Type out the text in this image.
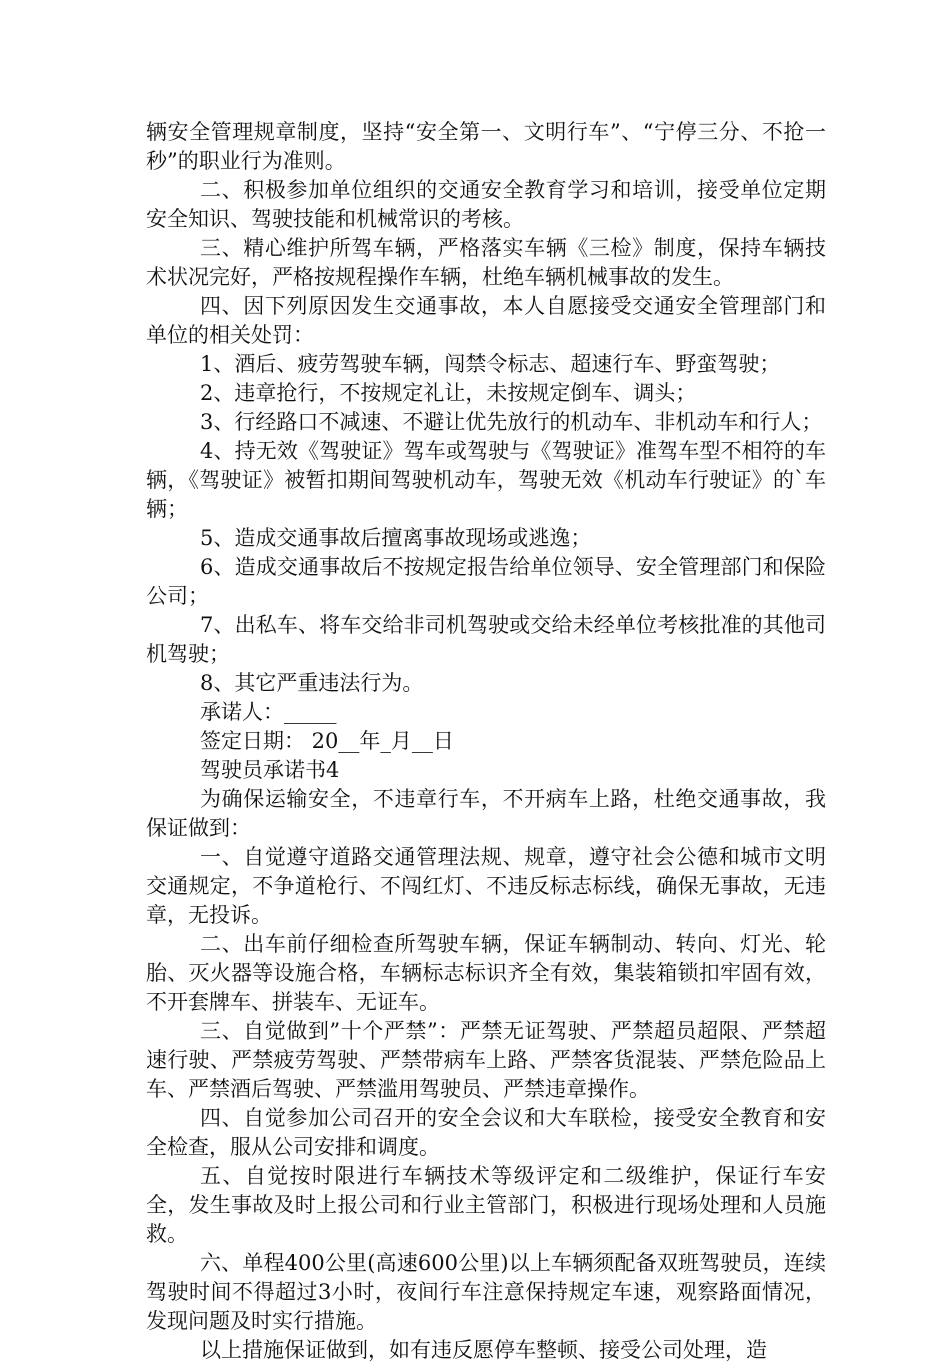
辆安全管理规章制度，坚持“安全第一、文明行车”、“宁停三分、不抢一秒”的职业行为准则。

二、积极参加单位组织的交通安全教育学习和培训，接受单位定期安全知识、驾驶技能和机械常识的考核。

三、精心维护所驾车辆，严格落实车辆《三检》制度，保持车辆技术状况完好，严格按规程操作车辆，杜绝车辆机械事故的发生。

四、因下列原因发生交通事故，本人自愿接受交通安全管理部门和单位的相关处罚：

1、酒后、疲劳驾驶车辆，闯禁令标志、超速行车、野蛮驾驶；

2、违章抢行，不按规定礼让，未按规定倒车、调头；

3、行经路口不减速、不避让优先放行的机动车、非机动车和行人；

4、持无效《驾驶证》驾车或驾驶与《驾驶证》准驾车型不相符的车辆，《驾驶证》被暂扣期间驾驶机动车，驾驶无效《机动车行驶证》的`车辆；

5、造成交通事故后擅离事故现场或逃逸；

6、造成交通事故后不按规定报告给单位领导、安全管理部门和保险公司；

7、出私车、将车交给非司机驾驶或交给未经单位考核批准的其他司机驾驶；

8、其它严重违法行为。

承诺人：_____

签定日期： 20__年_月__日

驾驶员承诺书4

为确保运输安全，不违章行车，不开病车上路，杜绝交通事故，我保证做到：

一、自觉遵守道路交通管理法规、规章，遵守社会公德和城市文明交通规定，不争道枪行、不闯红灯、不违反标志标线，确保无事故，无违章，无投诉。

二、出车前仔细检查所驾驶车辆，保证车辆制动、转向、灯光、轮胎、灭火器等设施合格，车辆标志标识齐全有效，集装箱锁扣牢固有效，不开套牌车、拼装车、无证车。

三、自觉做到”十个严禁”：严禁无证驾驶、严禁超员超限、严禁超速行驶、严禁疲劳驾驶、严禁带病车上路、严禁客货混装、严禁危险品上车、严禁酒后驾驶、严禁滥用驾驶员、严禁违章操作。

四、自觉参加公司召开的安全会议和大车联检，接受安全教育和安全检查，服从公司安排和调度。

五、自觉按时限进行车辆技术等级评定和二级维护，保证行车安全，发生事故及时上报公司和行业主管部门，积极进行现场处理和人员施救。

六、单程400公里(高速600公里)以上车辆须配备双班驾驶员，连续驾驶时间不得超过3小时，夜间行车注意保持规定车速，观察路面情况，发现问题及时实行措施。

以上措施保证做到，如有违反愿停车整顿、接受公司处理，造
